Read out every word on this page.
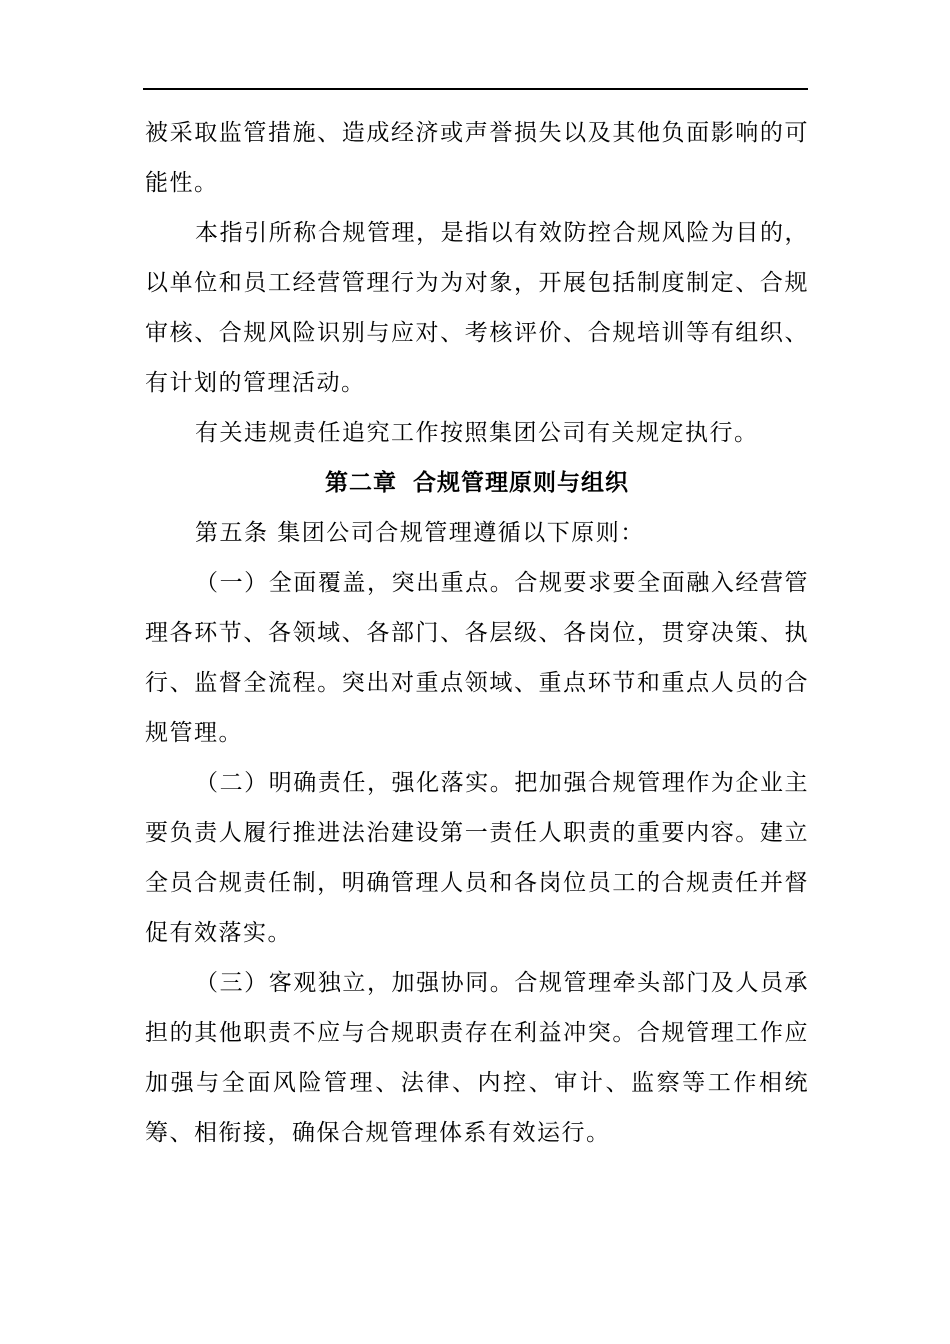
被采取监管措施、造成经济或声誉损失以及其他负面影响的可能性。

本指引所称合规管理，是指以有效防控合规风险为目的，以单位和员工经营管理行为为对象，开展包括制度制定、合规审核、合规风险识别与应对、考核评价、合规培训等有组织、有计划的管理活动。

有关违规责任追究工作按照集团公司有关规定执行。

第二章 合规管理原则与组织

第五条 集团公司合规管理遵循以下原则：

（一）全面覆盖，突出重点。合规要求要全面融入经营管理各环节、各领域、各部门、各层级、各岗位，贯穿决策、执行、监督全流程。突出对重点领域、重点环节和重点人员的合规管理。

（二）明确责任，强化落实。把加强合规管理作为企业主要负责人履行推进法治建设第一责任人职责的重要内容。建立全员合规责任制，明确管理人员和各岗位员工的合规责任并督促有效落实。

（三）客观独立，加强协同。合规管理牵头部门及人员承担的其他职责不应与合规职责存在利益冲突。合规管理工作应加强与全面风险管理、法律、内控、审计、监察等工作相统筹、相衔接，确保合规管理体系有效运行。
